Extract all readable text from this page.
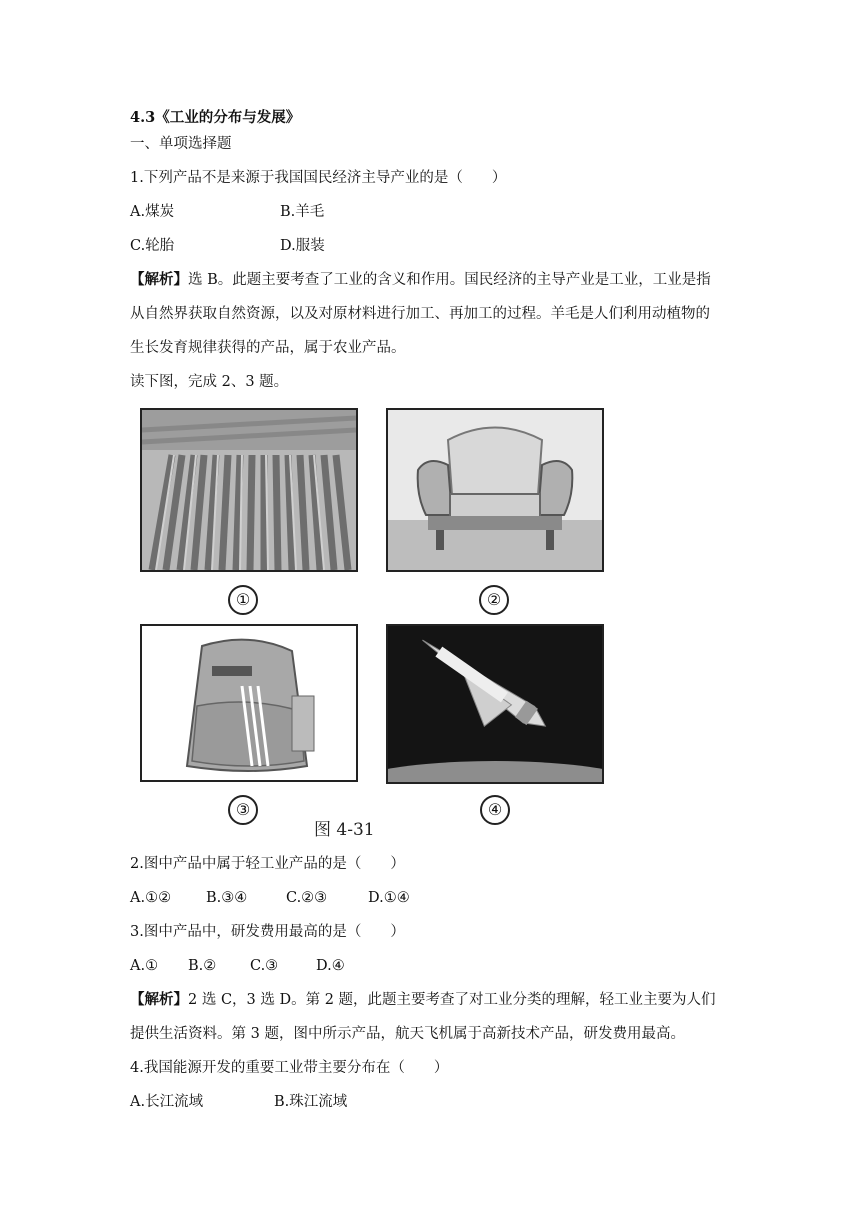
4.3《工业的分布与发展》
一、单项选择题
1.下列产品不是来源于我国国民经济主导产业的是（　　）
A.煤炭	B.羊毛
C.轮胎	D.服装
【解析】选 B。此题主要考查了工业的含义和作用。国民经济的主导产业是工业，工业是指
从自然界获取自然资源，以及对原材料进行加工、再加工的过程。羊毛是人们利用动植物的
生长发育规律获得的产品，属于农业产品。
读下图，完成 2、3 题。
①	②
③	④
图 4-31
2.图中产品中属于轻工业产品的是（　　）
A.①② B.③④	C.②③	D.①④
3.图中产品中，研发费用最高的是（　　）
A.① B.② C.③	D.④
【解析】2 选 C，3 选 D。第 2 题，此题主要考查了对工业分类的理解，轻工业主要为人们
提供生活资料。第 3 题，图中所示产品，航天飞机属于高新技术产品，研发费用最高。
4.我国能源开发的重要工业带主要分布在（　　）
A.长江流域	B.珠江流域
